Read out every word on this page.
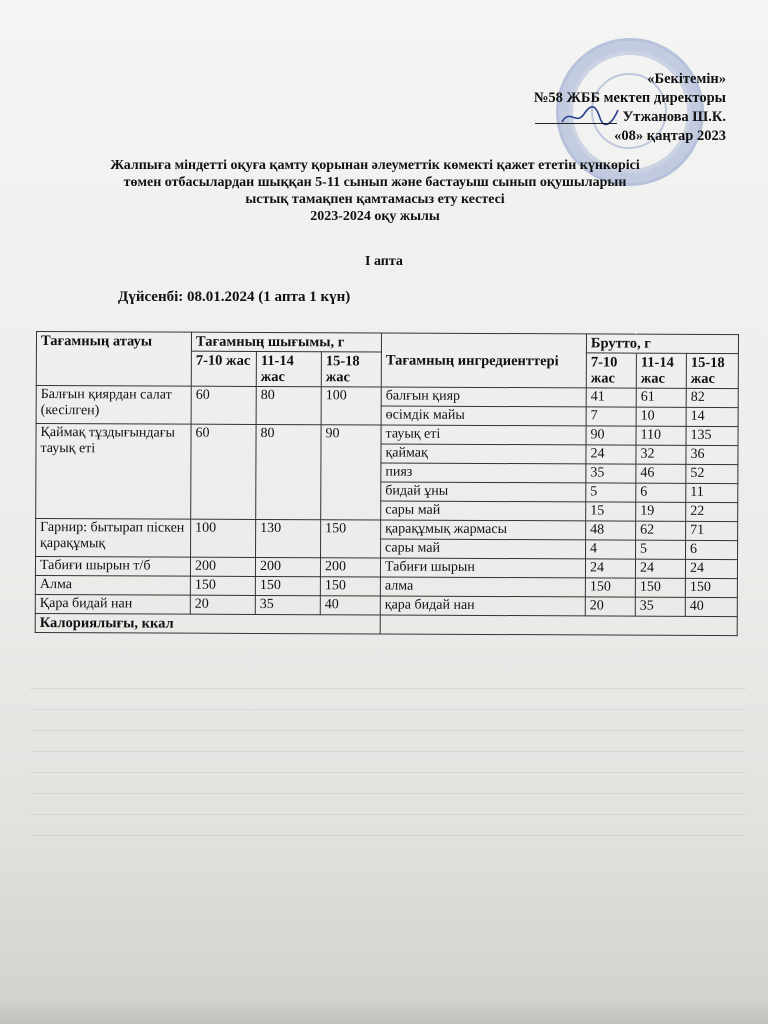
«Бекітемін»
№58 ЖББ мектеп директоры
Утжанова Ш.К.
«08» қаңтар 2023
Жалпыға міндетті оқуға қамту қорынан әлеуметтік көмекті қажет ететін күнкөрісі
төмен отбасылардан шыққан 5-11 сынып және бастауыш сынып оқушыларын
ыстық тамақпен қамтамасыз ету кестесі
2023-2024 оқу жылы
I апта
Дүйсенбі: 08.01.2024 (1 апта 1 күн)
Тағамның атауы	Тағамның шығымы, г			Тағамның ингредиенттері	Брутто, г		
	7-10 жас	11-14 жас	15-18 жас		7-10 жас	11-14 жас	15-18 жас
Балғын қиярдан салат (кесілген)	60	80	100	балғын қияр	41	61	82
				өсімдік майы	7	10	14
Қаймақ тұздығындағы тауық еті	60	80	90	тауық еті	90	110	135
				қаймақ	24	32	36
				пияз	35	46	52
				бидай ұны	5	6	11
				сары май	15	19	22
Гарнир: бытырап піскен қарақұмық	100	130	150	қарақұмық жармасы	48	62	71
				сары май	4	5	6
Табиғи шырын т/б	200	200	200	Табиғи шырын	24	24	24
Алма	150	150	150	алма	150	150	150
Қара бидай нан	20	35	40	қара бидай нан	20	35	40
Калориялығы, ккал							
